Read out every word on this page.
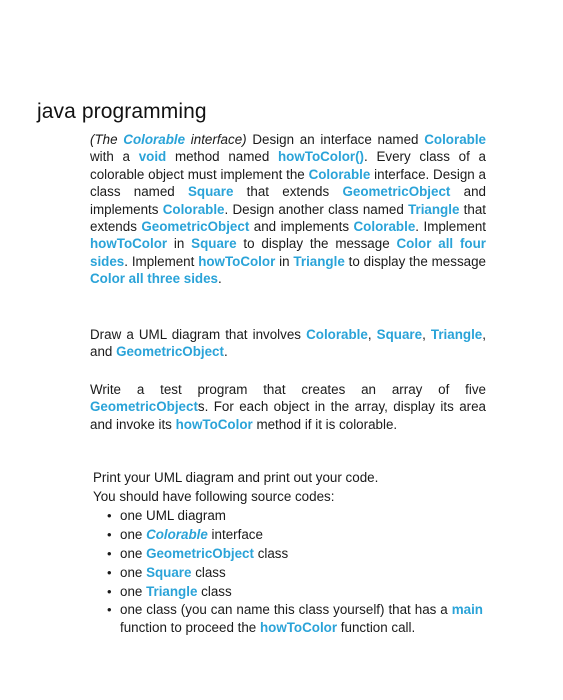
java programming
(The Colorable interface) Design an interface named Colorable with a void method named howToColor(). Every class of a colorable object must implement the Colorable interface. Design a class named Square that extends GeometricObject and implements Colorable. Design another class named Triangle that extends GeometricObject and implements Colorable. Implement howToColor in Square to display the message Color all four sides. Implement howToColor in Triangle to display the message Color all three sides.
Draw a UML diagram that involves Colorable, Square, Triangle, and GeometricObject.
Write a test program that creates an array of five GeometricObjects. For each object in the array, display its area and invoke its howToColor method if it is colorable.
Print your UML diagram and print out your code.
You should have following source codes:
• one UML diagram
• one Colorable interface
• one GeometricObject class
• one Square class
• one Triangle class
• one class (you can name this class yourself) that has a main function to proceed the howToColor function call.
